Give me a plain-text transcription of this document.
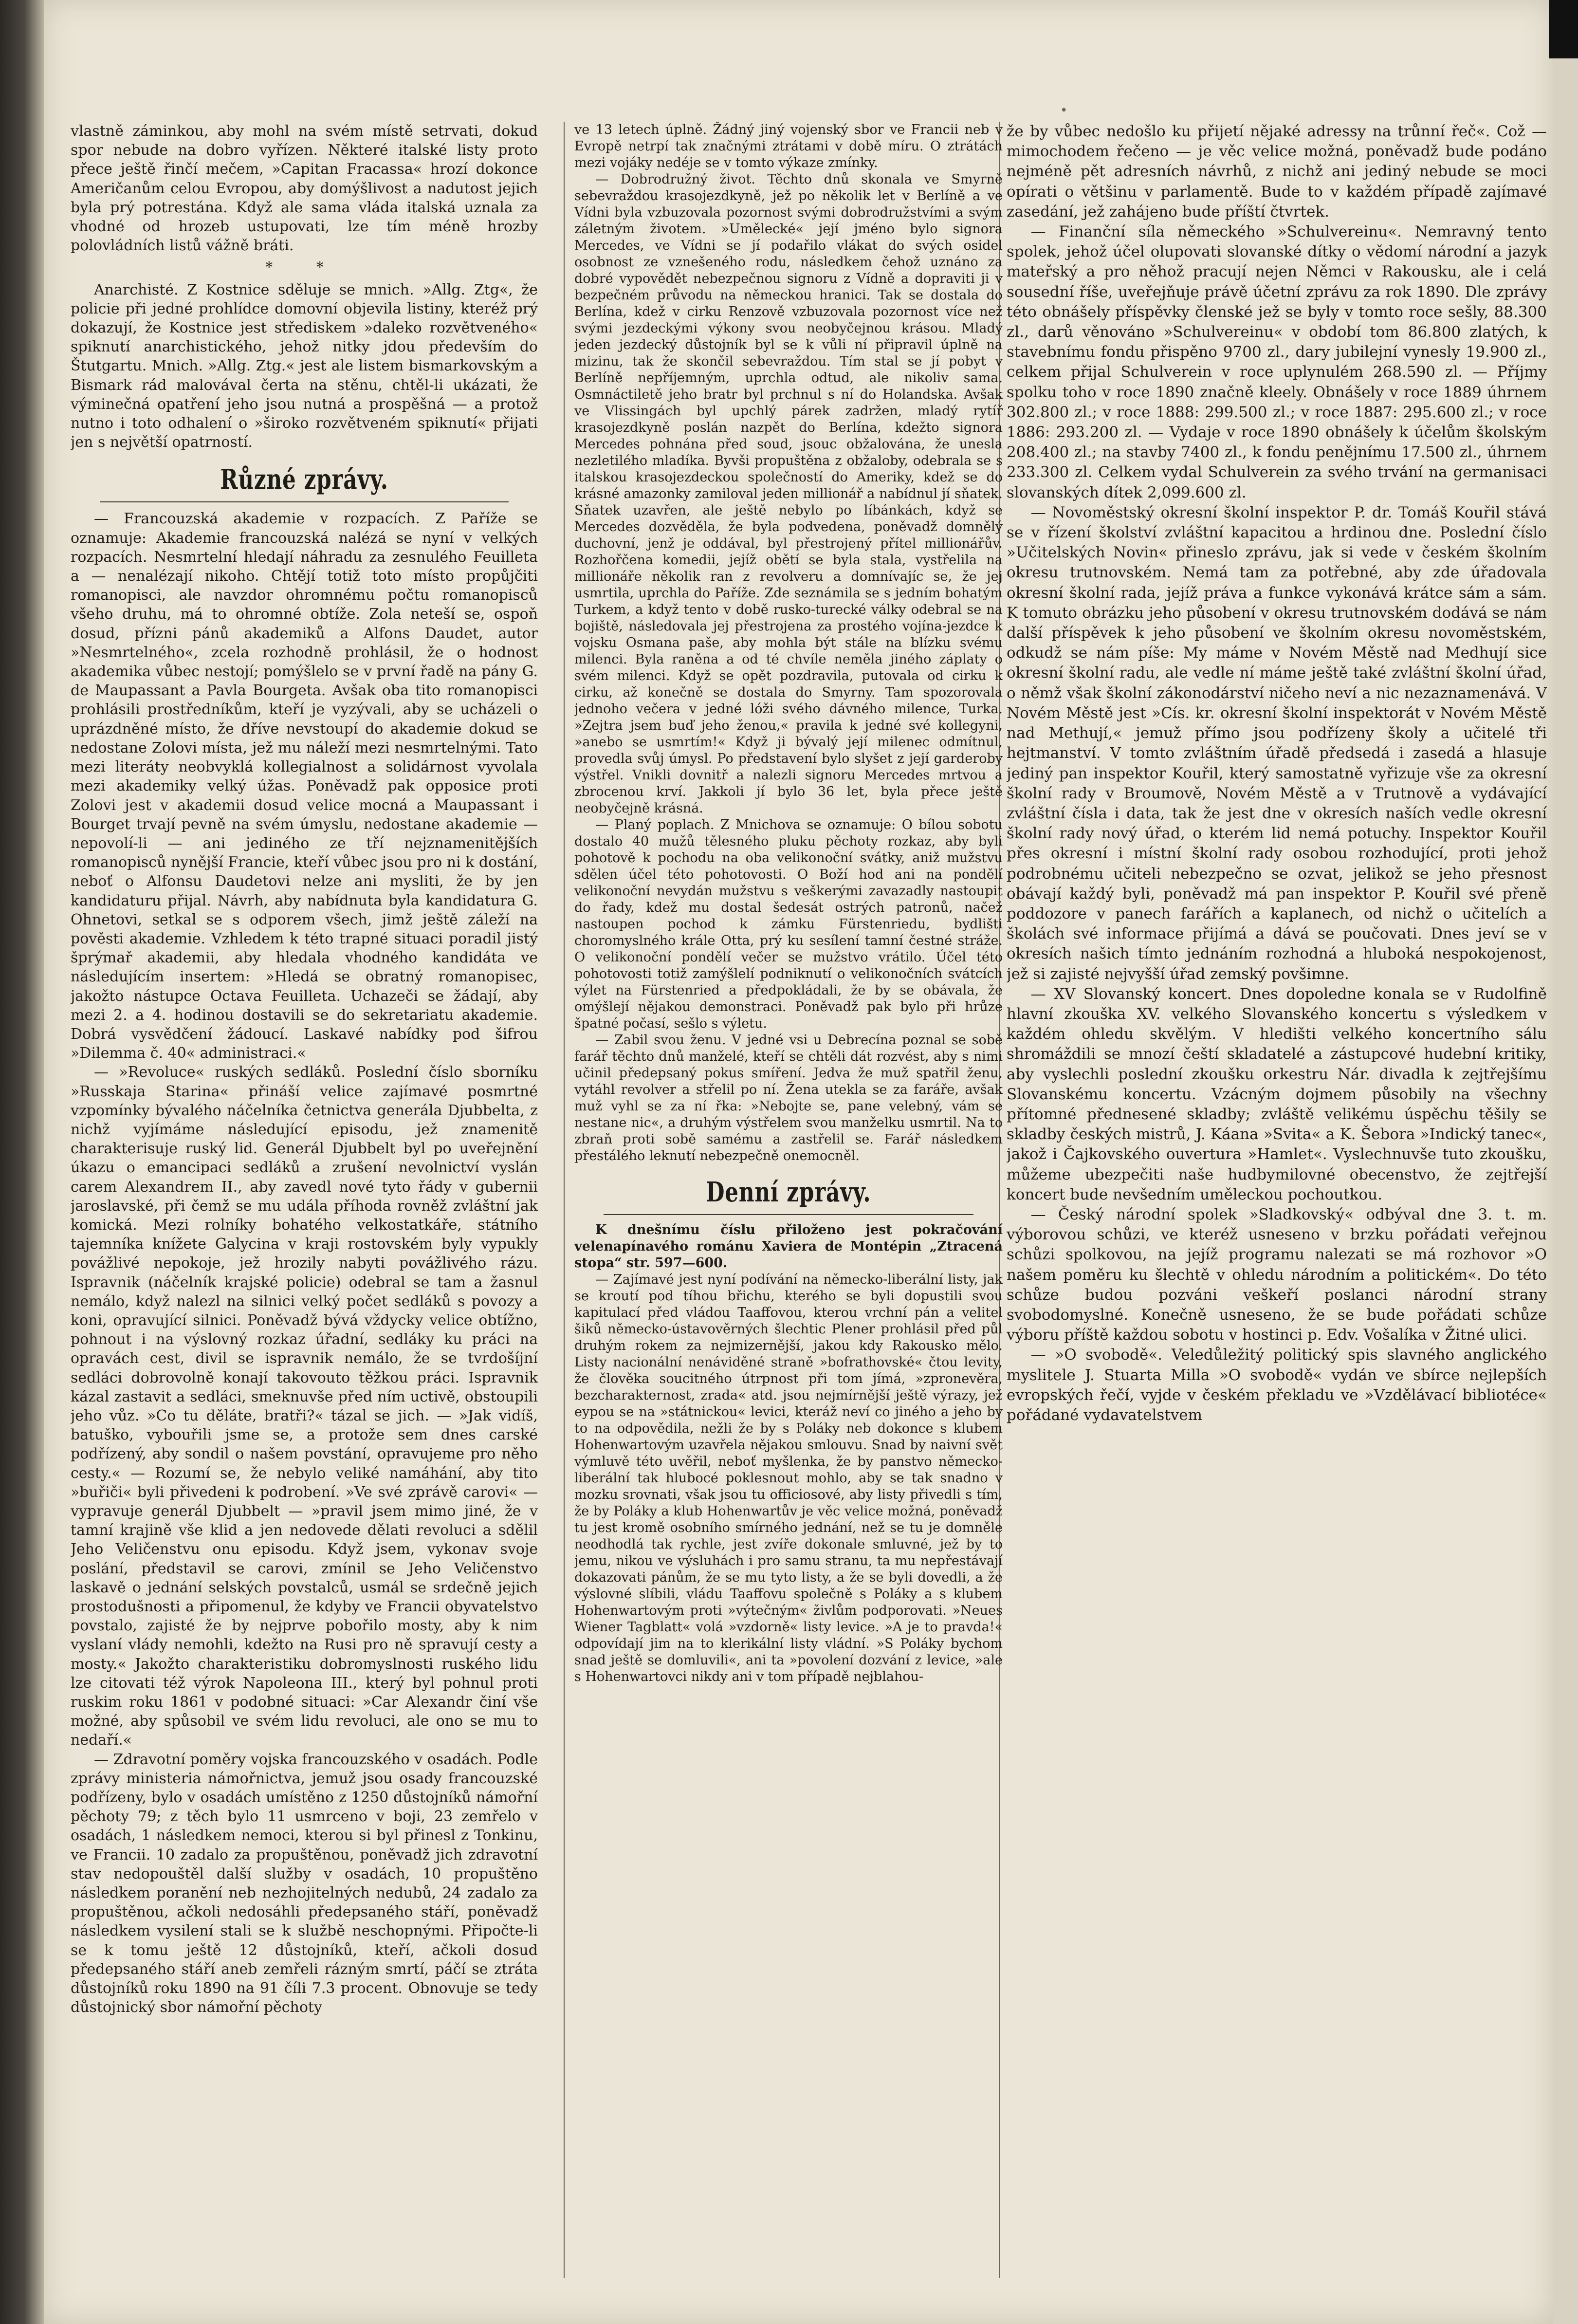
•

vlastně záminkou, aby mohl na svém místě setrvati, dokud spor nebude na dobro vyřízen. Některé italské listy proto přece ještě řinčí mečem, »Capitan Fracassa« hrozí dokonce Američanům celou Evropou, aby domýšlivost a nadutost jejich byla prý potrestána. Když ale sama vláda italská uznala za vhodné od hrozeb ustupovati, lze tím méně hrozby polovládních listů vážně bráti.

* *

Anarchisté. Z Kostnice sděluje se mnich. »Allg. Ztg«, že policie při jedné prohlídce domovní objevila listiny, kteréž prý dokazují, že Kostnice jest střediskem »daleko rozvětveného« spiknutí anarchistického, jehož nitky jdou především do Štutgartu. Mnich. »Allg. Ztg.« jest ale listem bismarkovským a Bismark rád malovával čerta na stěnu, chtěl-li ukázati, že výminečná opatření jeho jsou nutná a prospěšná — a protož nutno i toto odhalení o »široko rozvětveném spiknutí« přijati jen s největší opatrností.

Různé zprávy.

— Francouzská akademie v rozpacích. Z Paříže se oznamuje: Akademie francouzská nalézá se nyní v velkých rozpacích. Nesmrtelní hledají náhradu za zesnulého Feuilleta a — nenalézají nikoho. Chtějí totiž toto místo propůjčiti romanopisci, ale navzdor ohromnému počtu romanopisců všeho druhu, má to ohromné obtíže. Zola neteší se, ospoň dosud, přízni pánů akademiků a Alfons Daudet, autor »Nesmrtelného«, zcela rozhodně prohlásil, že o hodnost akademika vůbec nestojí; pomýšlelo se v první řadě na pány G. de Maupassant a Pavla Bourgeta. Avšak oba tito romanopisci prohlásili prostředníkům, kteří je vyzývali, aby se ucházeli o uprázdněné místo, že dříve nevstoupí do akademie dokud se nedostane Zolovi místa, jež mu náleží mezi nesmrtelnými. Tato mezi literáty neobvyklá kollegialnost a solidárnost vyvolala mezi akademiky velký úžas. Poněvadž pak opposice proti Zolovi jest v akademii dosud velice mocná a Maupassant i Bourget trvají pevně na svém úmyslu, nedostane akademie — nepovolí-li — ani jediného ze tří nejznamenitějších romanopisců nynější Francie, kteří vůbec jsou pro ni k dostání, neboť o Alfonsu Daudetovi nelze ani mysliti, že by jen kandidaturu přijal. Návrh, aby nabídnuta byla kandidatura G. Ohnetovi, setkal se s odporem všech, jimž ještě záleží na pověsti akademie. Vzhledem k této trapné situaci poradil jistý šprýmař akademii, aby hledala vhodného kandidáta ve následujícím insertem: »Hledá se obratný romanopisec, jakožto nástupce Octava Feuilleta. Uchazeči se žádají, aby mezi 2. a 4. hodinou dostavili se do sekretariatu akademie. Dobrá vysvědčení žádoucí. Laskavé nabídky pod šifrou »Dilemma č. 40« administraci.«

— »Revoluce« ruských sedláků. Poslední číslo sborníku »Russkaja Starina« přináší velice zajímavé posmrtné vzpomínky bývalého náčelníka četnictva generála Djubbelta, z nichž vyjímáme následující episodu, jež znamenitě charakterisuje ruský lid. Generál Djubbelt byl po uveřejnění úkazu o emancipaci sedláků a zrušení nevolnictví vyslán carem Alexandrem II., aby zavedl nové tyto řády v gubernii jaroslavské, při čemž se mu udála příhoda rovněž zvláštní jak komická. Mezi rolníky bohatého velkostatkáře, státního tajemníka knížete Galycina v kraji rostovském byly vypukly povážlivé nepokoje, jež hrozily nabyti povážlivého rázu. Ispravnik (náčelník krajské policie) odebral se tam a žasnul nemálo, když nalezl na silnici velký počet sedláků s povozy a koni, opravující silnici. Poněvadž bývá vždycky velice obtížno, pohnout i na výslovný rozkaz úřadní, sedláky ku práci na opravách cest, divil se ispravnik nemálo, že se tvrdošíjní sedláci dobrovolně konají takovouto těžkou práci. Ispravnik kázal zastavit a sedláci, smeknuvše před ním uctivě, obstoupili jeho vůz. »Co tu děláte, bratři?« tázal se jich. — »Jak vidíš, batuško, vybouřili jsme se, a protože sem dnes carské podřízený, aby sondil o našem povstání, opravujeme pro něho cesty.« — Rozumí se, že nebylo veliké namáhání, aby tito »buřiči« byli přivedeni k podrobení. »Ve své zprávě carovi« — vypravuje generál Djubbelt — »pravil jsem mimo jiné, že v tamní krajině vše klid a jen nedovede dělati revoluci a sdělil Jeho Veličenstvu onu episodu. Když jsem, vykonav svoje poslání, představil se carovi, zmínil se Jeho Veličenstvo laskavě o jednání selských povstalců, usmál se srdečně jejich prostodušnosti a připomenul, že kdyby ve Francii obyvatelstvo povstalo, zajisté že by nejprve pobořilo mosty, aby k nim vyslaní vlády nemohli, kdežto na Rusi pro ně spravují cesty a mosty.« Jakožto charakteristiku dobromyslnosti ruského lidu lze citovati též výrok Napoleona III., který byl pohnul proti ruskim roku 1861 v podobné situaci: »Car Alexandr činí vše možné, aby spůsobil ve svém lidu revoluci, ale ono se mu to nedaří.«

— Zdravotní poměry vojska francouzského v osadách. Podle zprávy ministeria námořnictva, jemuž jsou osady francouzské podřízeny, bylo v osadách umístěno z 1250 důstojníků námořní pěchoty 79; z těch bylo 11 usmrceno v boji, 23 zemřelo v osadách, 1 následkem nemoci, kterou si byl přinesl z Tonkinu, ve Francii. 10 zadalo za propuštěnou, poněvadž jich zdravotní stav nedopouštěl další služby v osadách, 10 propuštěno následkem poranění neb nezhojitelných nedubů, 24 zadalo za propuštěnou, ačkoli nedosáhli předepsaného stáří, poněvadž následkem vysilení stali se k službě neschopnými. Připočte-li se k tomu ještě 12 důstojníků, kteří, ačkoli dosud předepsaného stáří aneb zemřeli rázným smrtí, páčí se ztráta důstojníků roku 1890 na 91 číli 7.3 procent. Obnovuje se tedy důstojnický sbor námořní pěchoty

ve 13 letech úplně. Žádný jiný vojenský sbor ve Francii neb v Evropě netrpí tak značnými ztrátami v době míru. O ztrátách mezi vojáky nedéje se v tomto výkaze zmínky.

— Dobrodružný život. Těchto dnů skonala ve Smyrně sebevraždou krasojezdkyně, jež po několik let v Berlíně a ve Vídni byla vzbuzovala pozornost svými dobrodružstvími a svým záletným životem. »Umělecké« její jméno bylo signora Mercedes, ve Vídni se jí podařilo vlákat do svých osidel osobnost ze vznešeného rodu, následkem čehož uznáno za dobré vypovědět nebezpečnou signoru z Vídně a dopraviti ji v bezpečném průvodu na německou hranici. Tak se dostala do Berlína, kdež v cirku Renzově vzbuzovala pozornost více než svými jezdeckými výkony svou neobyčejnou krásou. Mladý jeden jezdecký důstojník byl se k vůli ní připravil úplně na mizinu, tak že skončil sebevraždou. Tím stal se jí pobyt v Berlíně nepříjemným, uprchla odtud, ale nikoliv sama. Osmnáctiletě jeho bratr byl prchnul s ní do Holandska. Avšak ve Vlissingách byl upchlý párek zadržen, mladý rytíř krasojezdkyně poslán nazpět do Berlína, kdežto signora Mercedes pohnána před soud, jsouc obžalována, že unesla nezletilého mladíka. Byvši propuštěna z obžaloby, odebrala se s italskou krasojezdeckou společností do Ameriky, kdež se do krásné amazonky zamiloval jeden millionář a nabídnul jí sňatek. Sňatek uzavřen, ale ještě nebylo po líbánkách, když se Mercedes dozvěděla, že byla podvedena, poněvadž domnělý duchovní, jenž je oddával, byl přestrojený přítel millionářův. Rozhořčena komedii, jejíž obětí se byla stala, vystřelila na millionáře několik ran z revolveru a domnívajíc se, že jej usmrtila, uprchla do Paříže. Zde seznámila se s jedním bohatým Turkem, a když tento v době rusko-turecké války odebral se na bojiště, následovala jej přestrojena za prostého vojína-jezdce k vojsku Osmana paše, aby mohla být stále na blízku svému milenci. Byla raněna a od té chvíle neměla jiného záplaty o svém milenci. Když se opět pozdravila, putovala od cirku k cirku, až konečně se dostala do Smyrny. Tam spozorovala jednoho večera v jedné lóži svého dávného milence, Turka. »Zejtra jsem buď jeho ženou,« pravila k jedné své kollegyni, »anebo se usmrtím!« Když ji bývalý její milenec odmítnul, provedla svůj úmysl. Po představení bylo slyšet z její garderoby výstřel. Vnikli dovnitř a nalezli signoru Mercedes mrtvou a zbrocenou krví. Jakkoli jí bylo 36 let, byla přece ještě neobyčejně krásná.

— Planý poplach. Z Mnichova se oznamuje: O bílou sobotu dostalo 40 mužů tělesného pluku pěchoty rozkaz, aby byli pohotově k pochodu na oba velikonoční svátky, aniž mužstvu sdělen účel této pohotovosti. O Boží hod ani na pondělí velikonoční nevydán mužstvu s veškerými zavazadly nastoupit do řady, kdež mu dostal šedesát ostrých patronů, načež nastoupen pochod k zámku Fürstenriedu, bydlišti choromyslného krále Otta, prý ku sesílení tamní čestné stráže. O velikonoční pondělí večer se mužstvo vrátilo. Účel této pohotovosti totiž zamýšlelí podniknutí o velikonočních svátcích výlet na Fürstenried a předpokládali, že by se obávala, že omýšlejí nějakou demonstraci. Poněvadž pak bylo při hrůze špatné počasí, sešlo s výletu.

— Zabil svou ženu. V jedné vsi u Debrecína poznal se sobě farář těchto dnů manželé, kteří se chtěli dát rozvést, aby s nimi učinil předepsaný pokus smíření. Jedva že muž spatřil ženu, vytáhl revolver a střelil po ní. Žena utekla se za faráře, avšak muž vyhl se za ní řka: »Nebojte se, pane velebný, vám se nestane nic«, a druhým výstřelem svou manželku usmrtil. Na to zbraň proti sobě samému a zastřelil se. Farář následkem přestálého leknutí nebezpečně onemocněl.

Denní zprávy.

K dnešnímu číslu přiloženo jest pokračování velenapínavého románu Xaviera de Montépin „Ztracená stopa“ str. 597—600.

— Zajímavé jest nyní podívání na německo-liberální listy, jak se kroutí pod tíhou břichu, kterého se byli dopustili svou kapitulací před vládou Taaffovou, kterou vrchní pán a velitel šiků německo-ústavověrných šlechtic Plener prohlásil před půl druhým rokem za nejmizernější, jakou kdy Rakousko mělo. Listy nacionální nenáviděné straně »bofrathovské« čtou levity, že člověka soucitného útrpnost při tom jímá, »zpronevěra, bezcharakternost, zrada« atd. jsou nejmírnější ještě výrazy, jež eypou se na »státnickou« levici, kteráž neví co jiného a jeho by to na odpovědila, nežli že by s Poláky neb dokonce s klubem Hohenwartovým uzavřela nějakou smlouvu. Snad by naivní svět výmluvě této uvěřil, neboť myšlenka, že by panstvo německo-liberální tak hlubocé poklesnout mohlo, aby se tak snadno v mozku srovnati, však jsou tu officiosové, aby listy přivedli s tím, že by Poláky a klub Hohenwartův je věc velice možná, poněvadž tu jest kromě osobního smírného jednání, než se tu je domněle neodhodlá tak rychle, jest zvíře dokonale smluvné, jež by to jemu, nikou ve výsluhách i pro samu stranu, ta mu nepřestávají dokazovati pánům, že se mu tyto listy, a že se byli dovedli, a že výslovné slíbili, vládu Taaffovu společně s Poláky a s klubem Hohenwartovým proti »výtečným« živlům podporovati. »Neues Wiener Tagblatt« volá »vzdorně« listy levice. »A je to pravda!« odpovídají jim na to klerikální listy vládní. »S Poláky bychom snad ještě se domluvili«, ani ta »povolení dozvání z levice, »ale s Hohenwartovci nikdy ani v tom případě nejblahou-

že by vůbec nedošlo ku přijetí nějaké adressy na trůnní řeč«. Což — mimochodem řečeno — je věc velice možná, poněvadž bude podáno nejméně pět adresních návrhů, z nichž ani jediný nebude se moci opírati o většinu v parlamentě. Bude to v každém případě zajímavé zasedání, jež zahájeno bude příští čtvrtek.

— Finanční síla německého »Schulvereinu«. Nemravný tento spolek, jehož účel olupovati slovanské dítky o vědomí národní a jazyk mateřský a pro něhož pracují nejen Němci v Rakousku, ale i celá sousední říše, uveřejňuje právě účetní zprávu za rok 1890. Dle zprávy této obnášely příspěvky členské jež se byly v tomto roce sešly, 88.300 zl., darů věnováno »Schulvereinu« v období tom 86.800 zlatých, k stavebnímu fondu přispěno 9700 zl., dary jubilejní vynesly 19.900 zl., celkem přijal Schulverein v roce uplynulém 268.590 zl. — Příjmy spolku toho v roce 1890 značně kleely. Obnášely v roce 1889 úhrnem 302.800 zl.; v roce 1888: 299.500 zl.; v roce 1887: 295.600 zl.; v roce 1886: 293.200 zl. — Vydaje v roce 1890 obnášely k účelům školským 208.400 zl.; na stavby 7400 zl., k fondu penějnímu 17.500 zl., úhrnem 233.300 zl. Celkem vydal Schulverein za svého trvání na germanisaci slovanských dítek 2,099.600 zl.

— Novoměstský okresní školní inspektor P. dr. Tomáš Kouřil stává se v řízení školství zvláštní kapacitou a hrdinou dne. Poslední číslo »Učitelských Novin« přineslo zprávu, jak si vede v českém školním okresu trutnovském. Nemá tam za potřebné, aby zde úřadovala okresní školní rada, jejíž práva a funkce vykonává krátce sám a sám. K tomuto obrázku jeho působení v okresu trutnovském dodává se nám další příspěvek k jeho působení ve školním okresu novoměstském, odkudž se nám píše: My máme v Novém Městě nad Medhují sice okresní školní radu, ale vedle ní máme ještě také zvláštní školní úřad, o němž však školní zákonodárství ničeho neví a nic nezaznamenává. V Novém Městě jest »Cís. kr. okresní školní inspektorát v Novém Městě nad Methují,« jemuž přímo jsou podřízeny školy a učitelé tři hejtmanství. V tomto zvláštním úřadě předsedá i zasedá a hlasuje jediný pan inspektor Kouřil, který samostatně vyřizuje vše za okresní školní rady v Broumově, Novém Městě a v Trutnově a vydávající zvláštní čísla i data, tak že jest dne v okresích naších vedle okresní školní rady nový úřad, o kterém lid nemá potuchy. Inspektor Kouřil přes okresní i místní školní rady osobou rozhodující, proti jehož podrobnému učiteli nebezpečno se ozvat, jelikož se jeho přesnost obávají každý byli, poněvadž má pan inspektor P. Kouřil své přeně poddozore v panech farářích a kaplanech, od nichž o učitelích a školách své informace přijímá a dává se poučovati. Dnes jeví se v okresích našich tímto jednáním rozhodná a hluboká nespokojenost, jež si zajisté nejvyšší úřad zemský povšimne.

— XV Slovanský koncert. Dnes dopoledne konala se v Rudolfině hlavní zkouška XV. velkého Slovanského koncertu s výsledkem v každém ohledu skvělým. V hledišti velkého koncertního sálu shromáždili se mnozí čeští skladatelé a zástupcové hudební kritiky, aby vyslechli poslední zkoušku orkestru Nár. divadla k zejtřejšímu Slovanskému koncertu. Vzácným dojmem působily na všechny přítomné přednesené skladby; zvláště velikému úspěchu těšily se skladby českých mistrů, J. Káana »Svita« a K. Šebora »Indický tanec«, jakož i Čajkovského ouvertura »Hamlet«. Vyslechnuvše tuto zkoušku, můžeme ubezpečiti naše hudbymilovné obecenstvo, že zejtřejší koncert bude nevšedním uměleckou pochoutkou.

— Český národní spolek »Sladkovský« odbýval dne 3. t. m. výborovou schůzi, ve kteréž usneseno v brzku pořádati veřejnou schůzi spolkovou, na jejíž programu nalezati se má rozhovor »O našem poměru ku šlechtě v ohledu národním a politickém«. Do této schůze budou pozváni veškeří poslanci národní strany svobodomyslné. Konečně usneseno, že se bude pořádati schůze výboru příště každou sobotu v hostinci p. Edv. Vošalíka v Žitné ulici.

— »O svobodě«. Veledůležitý politický spis slavného anglického myslitele J. Stuarta Milla »O svobodě« vydán ve sbírce nejlepších evropských řečí, vyjde v českém překladu ve »Vzdělávací bibliotéce« pořádané vydavatelstvem
